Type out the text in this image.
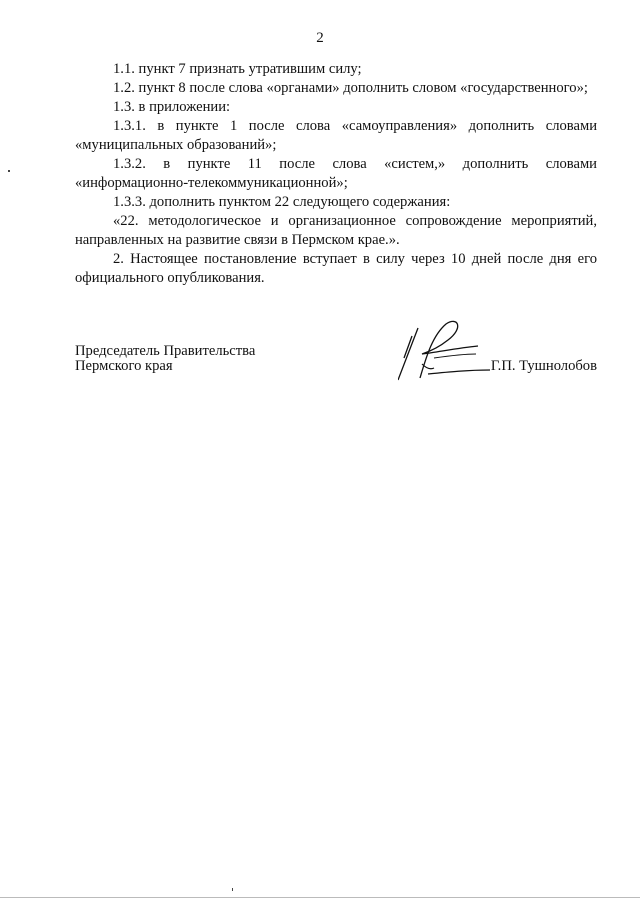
2

1.1. пункт 7 признать утратившим силу;

1.2. пункт 8 после слова «органами» дополнить словом «государственного»;

1.3. в приложении:

1.3.1. в пункте 1 после слова «самоуправления» дополнить словами «муниципальных образований»;

1.3.2. в пункте 11 после слова «систем,» дополнить словами «информационно-телекоммуникационной»;

1.3.3. дополнить пунктом 22 следующего содержания:

«22. методологическое и организационное сопровождение мероприятий, направленных на развитие связи в Пермском крае.».

2. Настоящее постановление вступает в силу через 10 дней после дня его официального опубликования.

Председатель Правительства
Пермского края	Г.П. Тушнолобов
